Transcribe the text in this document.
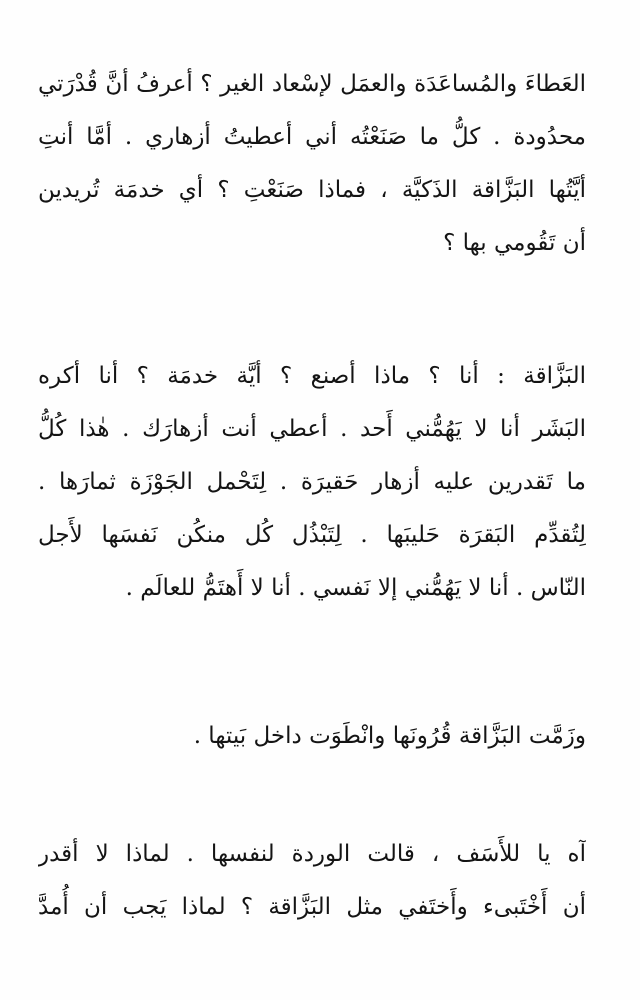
العَطاءَ والمُساعَدَة والعمَل لإسْعاد الغير ؟ أعرفُ أنَّ قُدْرَتي
محدُودة . كلُّ ما صَنَعْتُه أني أعطيتُ أزهاري . أمَّا أنتِ
أيَّتُها البَزَّاقة الذَكيَّة ، فماذا صَنَعْتِ ؟ أي خدمَة تُريدين
أن تَقُومي بها ؟
البَزَّاقة : أنا ؟ ماذا أصنع ؟ أيَّة خدمَة ؟ أنا أكره
البَشَر أنا لا يَهُمُّني أَحد . أعطي أنت أزهارَك . هٰذا كُلُّ
ما تَقدرين عليه أزهار حَقيرَة . لِتَحْمل الجَوْزَة ثمارَها .
لِتُقدِّم البَقرَة حَليبَها . لِتَبْذُل كُل منكُن نَفسَها لأَجل
النّاس . أنا لا يَهُمُّني إلا نَفسي . أنا لا أَهتَمُّ للعالَم .
وزَمَّت البَزَّاقة قُرُونَها وانْطَوَت داخل بَيتها .
آه يا للأَسَف ، قالت الوردة لنفسها . لماذا لا أقدر
أن أَخْتَبىء وأَختَفي مثل البَزَّاقة ؟ لماذا يَجب أن أُمدَّ
